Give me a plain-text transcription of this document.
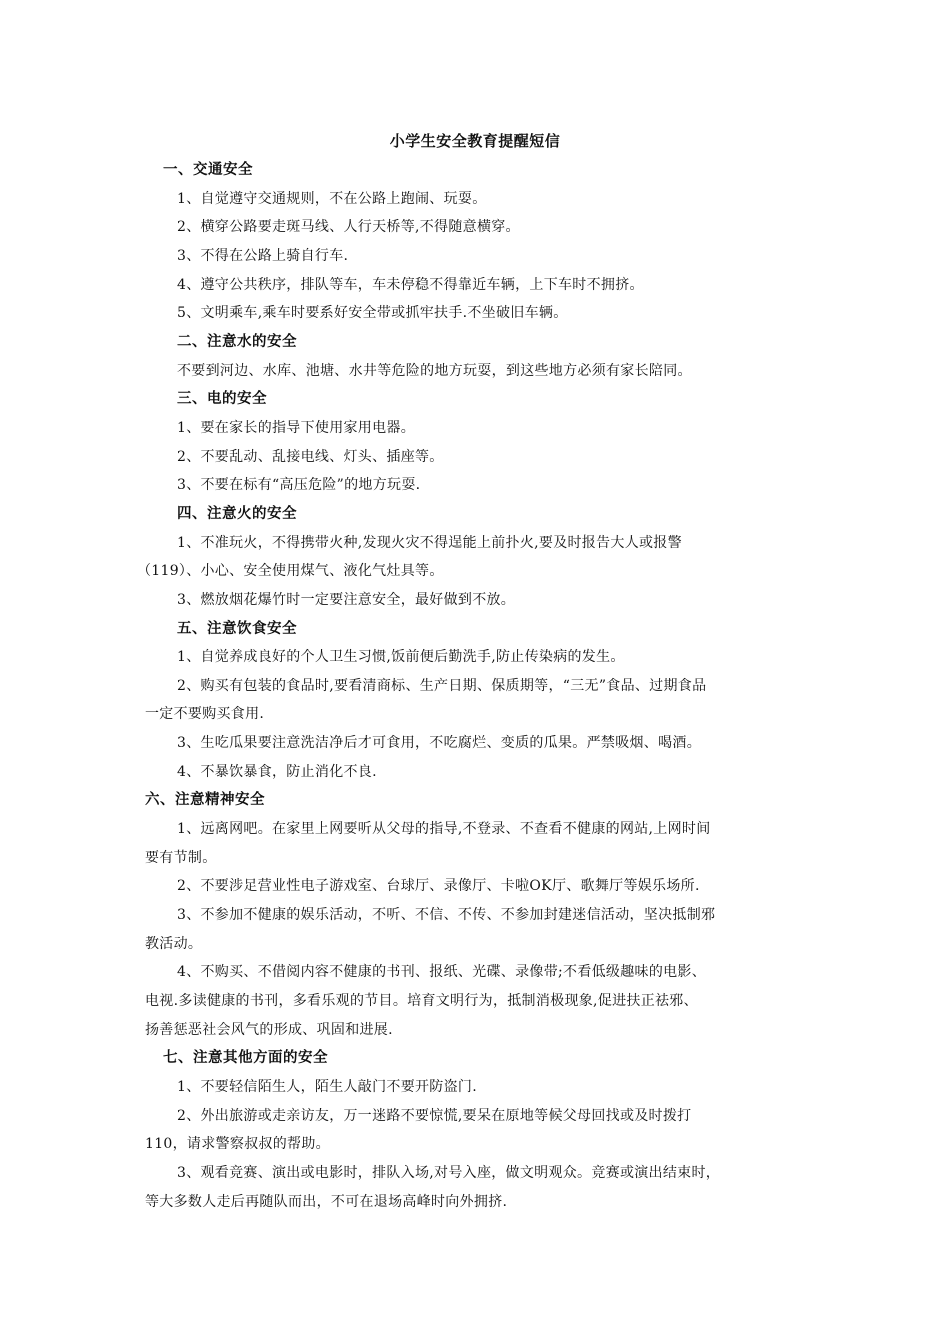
小学生安全教育提醒短信
一、交通安全
1、自觉遵守交通规则，不在公路上跑闹、玩耍。
2、横穿公路要走斑马线、人行天桥等,不得随意横穿。
3、不得在公路上骑自行车.
4、遵守公共秩序，排队等车，车未停稳不得靠近车辆，上下车时不拥挤。
5、文明乘车,乘车时要系好安全带或抓牢扶手.不坐破旧车辆。
二、注意水的安全
不要到河边、水库、池塘、水井等危险的地方玩耍，到这些地方必须有家长陪同。
三、电的安全
1、要在家长的指导下使用家用电器。
2、不要乱动、乱接电线、灯头、插座等。
3、不要在标有“高压危险”的地方玩耍.
四、注意火的安全
1、不准玩火，不得携带火种,发现火灾不得逞能上前扑火,要及时报告大人或报警
（119）、小心、安全使用煤气、液化气灶具等。
3、燃放烟花爆竹时一定要注意安全，最好做到不放。
五、注意饮食安全
1、自觉养成良好的个人卫生习惯,饭前便后勤洗手,防止传染病的发生。
2、购买有包装的食品时,要看清商标、生产日期、保质期等，“三无”食品、过期食品
一定不要购买食用.
3、生吃瓜果要注意洗洁净后才可食用，不吃腐烂、变质的瓜果。严禁吸烟、喝酒。
4、不暴饮暴食，防止消化不良.
六、注意精神安全
1、远离网吧。在家里上网要听从父母的指导,不登录、不查看不健康的网站,上网时间
要有节制。
2、不要涉足营业性电子游戏室、台球厅、录像厅、卡啦OK厅、歌舞厅等娱乐场所.
3、不参加不健康的娱乐活动，不听、不信、不传、不参加封建迷信活动，坚决抵制邪
教活动。
4、不购买、不借阅内容不健康的书刊、报纸、光碟、录像带;不看低级趣味的电影、
电视.多读健康的书刊，多看乐观的节目。培育文明行为，抵制消极现象,促进扶正祛邪、
扬善惩恶社会风气的形成、巩固和进展.
七、注意其他方面的安全
1、不要轻信陌生人，陌生人敲门不要开防盗门.
2、外出旅游或走亲访友，万一迷路不要惊慌,要呆在原地等候父母回找或及时拨打
110，请求警察叔叔的帮助。
3、观看竞赛、演出或电影时，排队入场,对号入座，做文明观众。竞赛或演出结束时，
等大多数人走后再随队而出，不可在退场高峰时向外拥挤.
